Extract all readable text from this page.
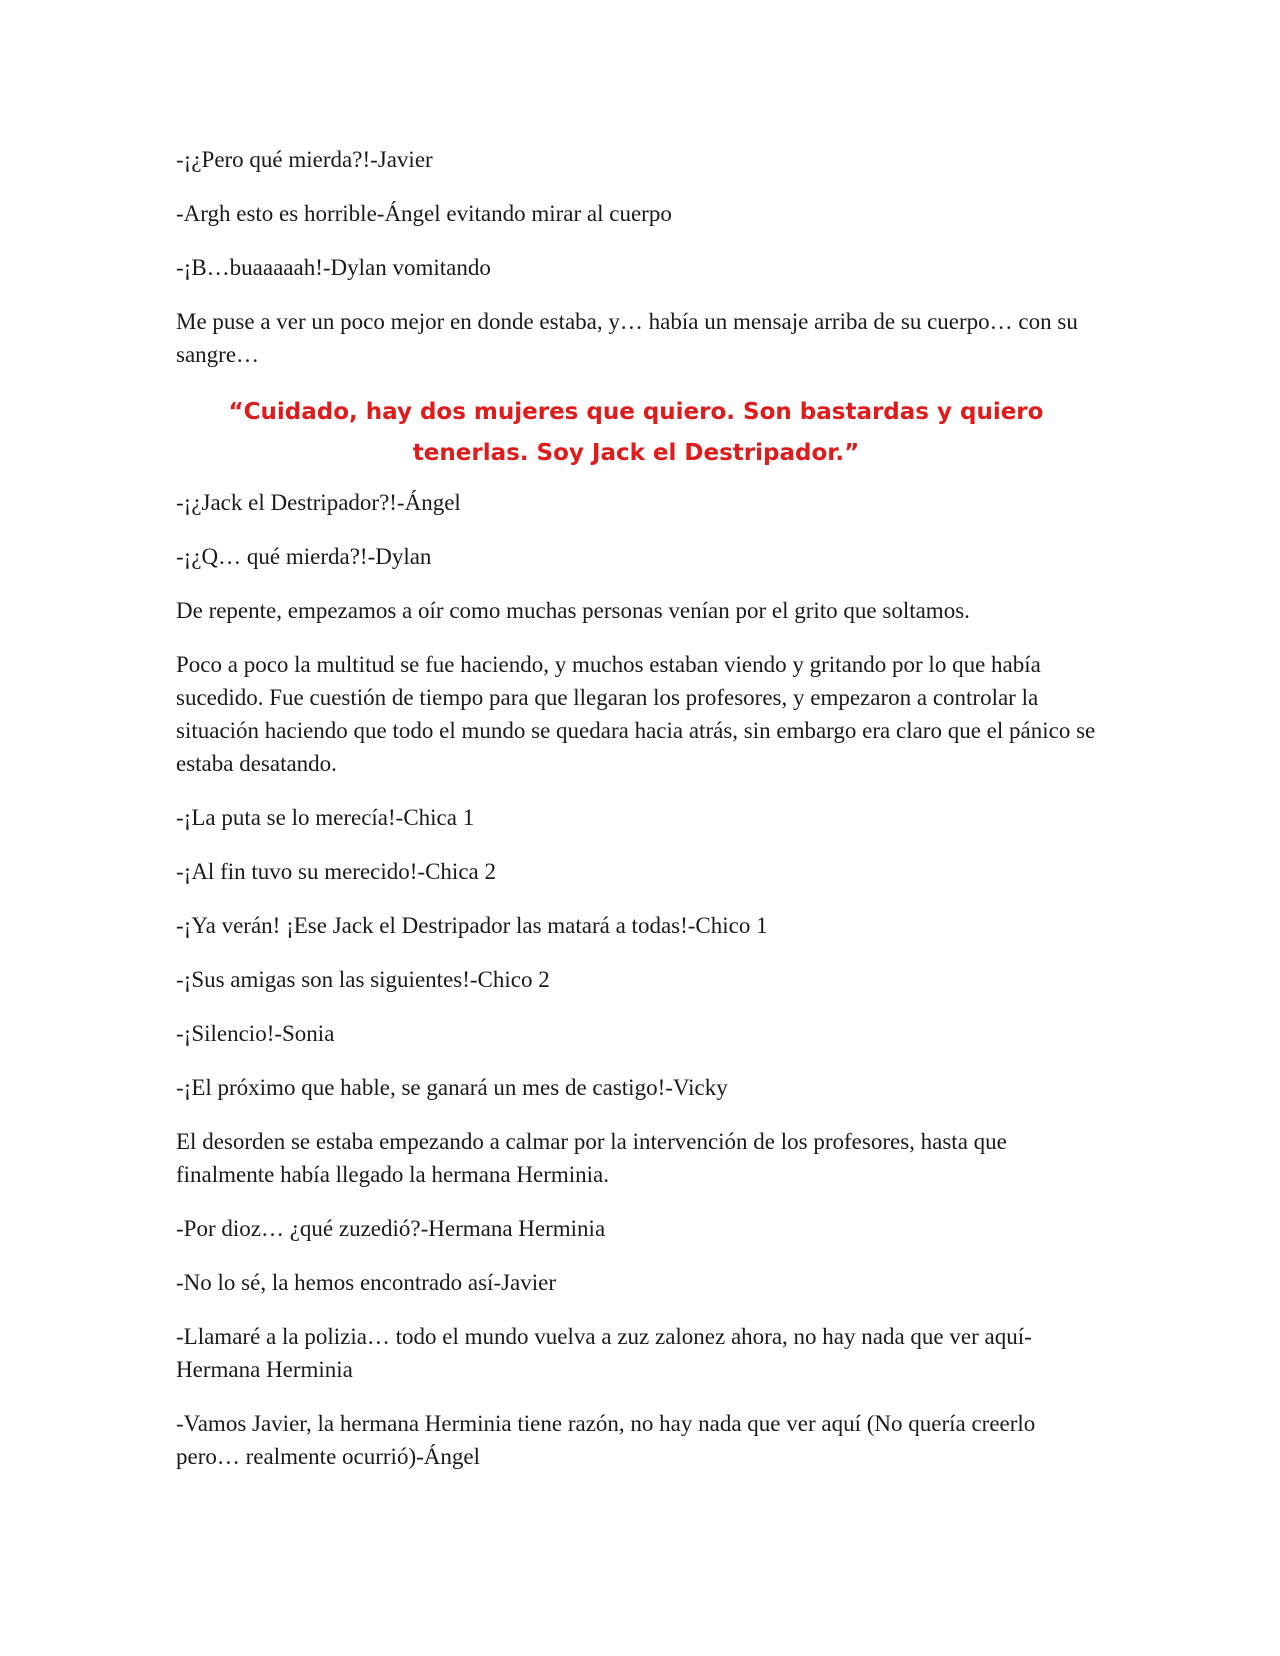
-¡¿Pero qué mierda?!-Javier

-Argh esto es horrible-Ángel evitando mirar al cuerpo

-¡B…buaaaaah!-Dylan vomitando

Me puse a ver un poco mejor en donde estaba, y… había un mensaje arriba de su cuerpo… con su sangre…

“Cuidado, hay dos mujeres que quiero. Son bastardas y quiero tenerlas. Soy Jack el Destripador.”

-¡¿Jack el Destripador?!-Ángel

-¡¿Q… qué mierda?!-Dylan

De repente, empezamos a oír como muchas personas venían por el grito que soltamos.

Poco a poco la multitud se fue haciendo, y muchos estaban viendo y gritando por lo que había sucedido. Fue cuestión de tiempo para que llegaran los profesores, y empezaron a controlar la situación haciendo que todo el mundo se quedara hacia atrás, sin embargo era claro que el pánico se estaba desatando.

-¡La puta se lo merecía!-Chica 1

-¡Al fin tuvo su merecido!-Chica 2

-¡Ya verán! ¡Ese Jack el Destripador las matará a todas!-Chico 1

-¡Sus amigas son las siguientes!-Chico 2

-¡Silencio!-Sonia

-¡El próximo que hable, se ganará un mes de castigo!-Vicky

El desorden se estaba empezando a calmar por la intervención de los profesores, hasta que finalmente había llegado la hermana Herminia.

-Por dioz… ¿qué zuzedió?-Hermana Herminia

-No lo sé, la hemos encontrado así-Javier

-Llamaré a la polizia… todo el mundo vuelva a zuz zalonez ahora, no hay nada que ver aquí-Hermana Herminia

-Vamos Javier, la hermana Herminia tiene razón, no hay nada que ver aquí (No quería creerlo pero… realmente ocurrió)-Ángel
